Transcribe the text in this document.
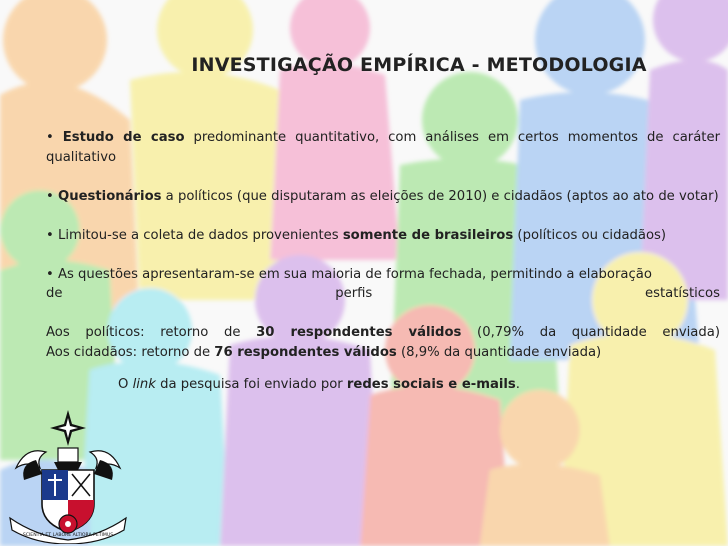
INVESTIGAÇÃO EMPÍRICA - METODOLOGIA

• Estudo de caso predominante quantitativo, com análises em certos momentos de caráter qualitativo

• Questionários a políticos (que disputaram as eleições de 2010) e cidadãos (aptos ao ato de votar)

• Limitou-se a coleta de dados provenientes somente de brasileiros (políticos ou cidadãos)

• As questões apresentaram-se em sua maioria de forma fechada, permitindo a elaboração

de	perfis	estatísticos

Aos políticos: retorno de 30 respondentes válidos (0,79% da quantidade enviada)

Aos cidadãos: retorno de 76 respondentes válidos (8,9% da quantidade enviada)

O link da pesquisa foi enviado por redes sociais e e-mails.

SCIENTIA ET LABORE ALTIORA PETIMUS
